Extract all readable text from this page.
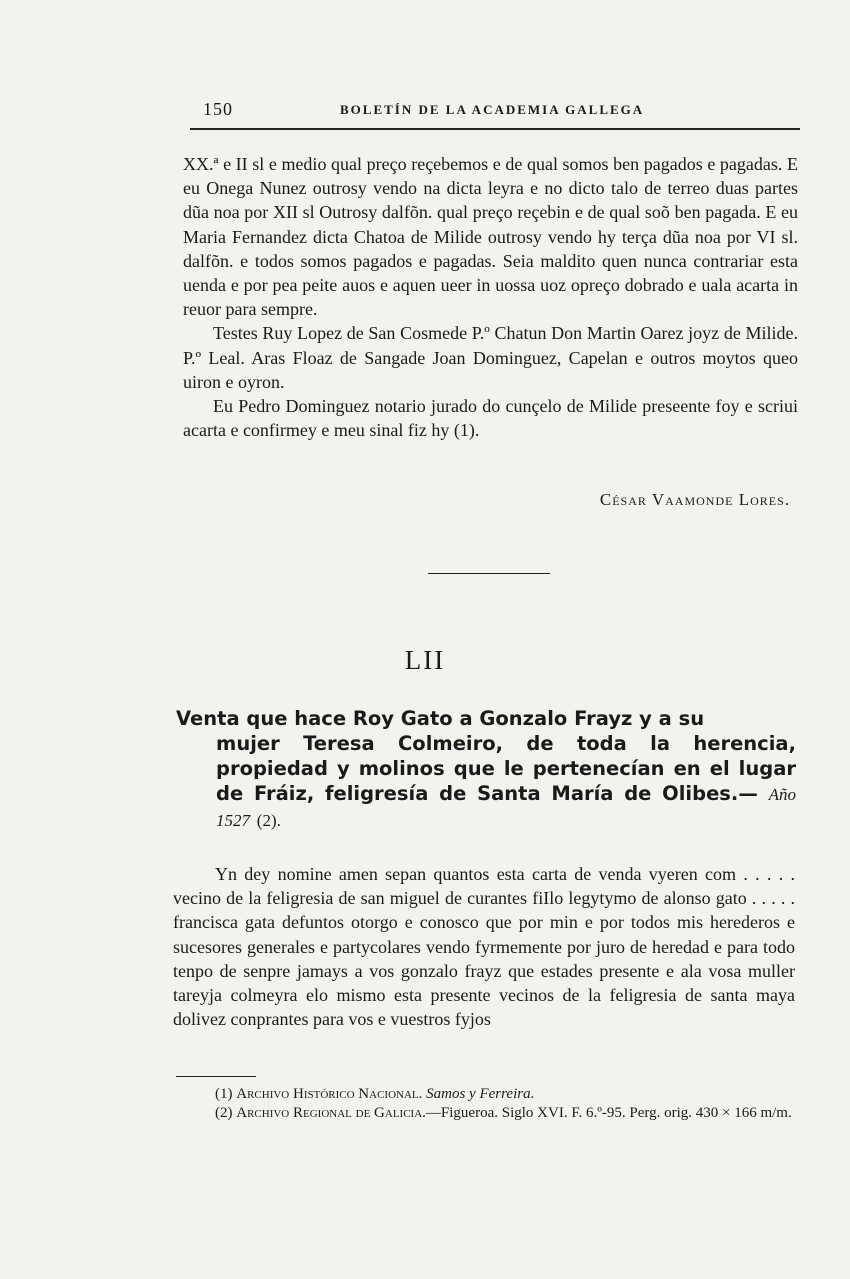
150	BOLETÍN DE LA ACADEMIA GALLEGA

XX.ª e II sl e medio qual preço reçebemos e de qual somos ben pagados e pagadas. E eu Onega Nunez outrosy vendo na dicta leyra e no dicto talo de terreo duas partes dũa noa por XII sl Outrosy dalfõn. qual preço reçebin e de qual soõ ben pagada. E eu Maria Fernandez dicta Chatoa de Milide outrosy vendo hy terça dũa noa por VI sl. dalfõn. e todos somos pagados e pagadas. Seia maldito quen nunca contrariar esta uenda e por pea peite auos e aquen ueer in uossa uoz opreço dobrado e uala acarta in reuor para sempre.

Testes Ruy Lopez de San Cosmede P.º Chatun Don Martin Oarez joyz de Milide. P.º Leal. Aras Floaz de Sangade Joan Dominguez, Capelan e outros moytos queo uiron e oyron.

Eu Pedro Dominguez notario jurado do cunçelo de Milide preseente foy e scriui acarta e confirmey e meu sinal fiz hy (1).

César Vaamonde Lores.
LII
Venta que hace Roy Gato a Gonzalo Frayz y a su
mujer Teresa Colmeiro, de toda la herencia, propiedad y molinos que le pertenecían en el lugar de Fráiz, feligresía de Santa María de Olibes.— Año 1527 (2).

Yn dey nomine amen sepan quantos esta carta de venda vyeren com . . . . . vecino de la feligresia de san miguel de curantes fiIlo legytymo de alonso gato . . . . . francisca gata defuntos otorgo e conosco que por min e por todos mis herederos e sucesores generales e partycolares vendo fyrmemente por juro de heredad e para todo tenpo de senpre jamays a vos gonzalo frayz que estades presente e ala vosa muller tareyja colmeyra elo mismo esta presente vecinos de la feligresia de santa maya dolivez conprantes para vos e vuestros fyjos

(1) Archivo Histórico Nacional. Samos y Ferreira.

(2) Archivo Regional de Galicia.—Figueroa. Siglo XVI. F. 6.º-95. Perg. orig. 430 × 166 m/m.
